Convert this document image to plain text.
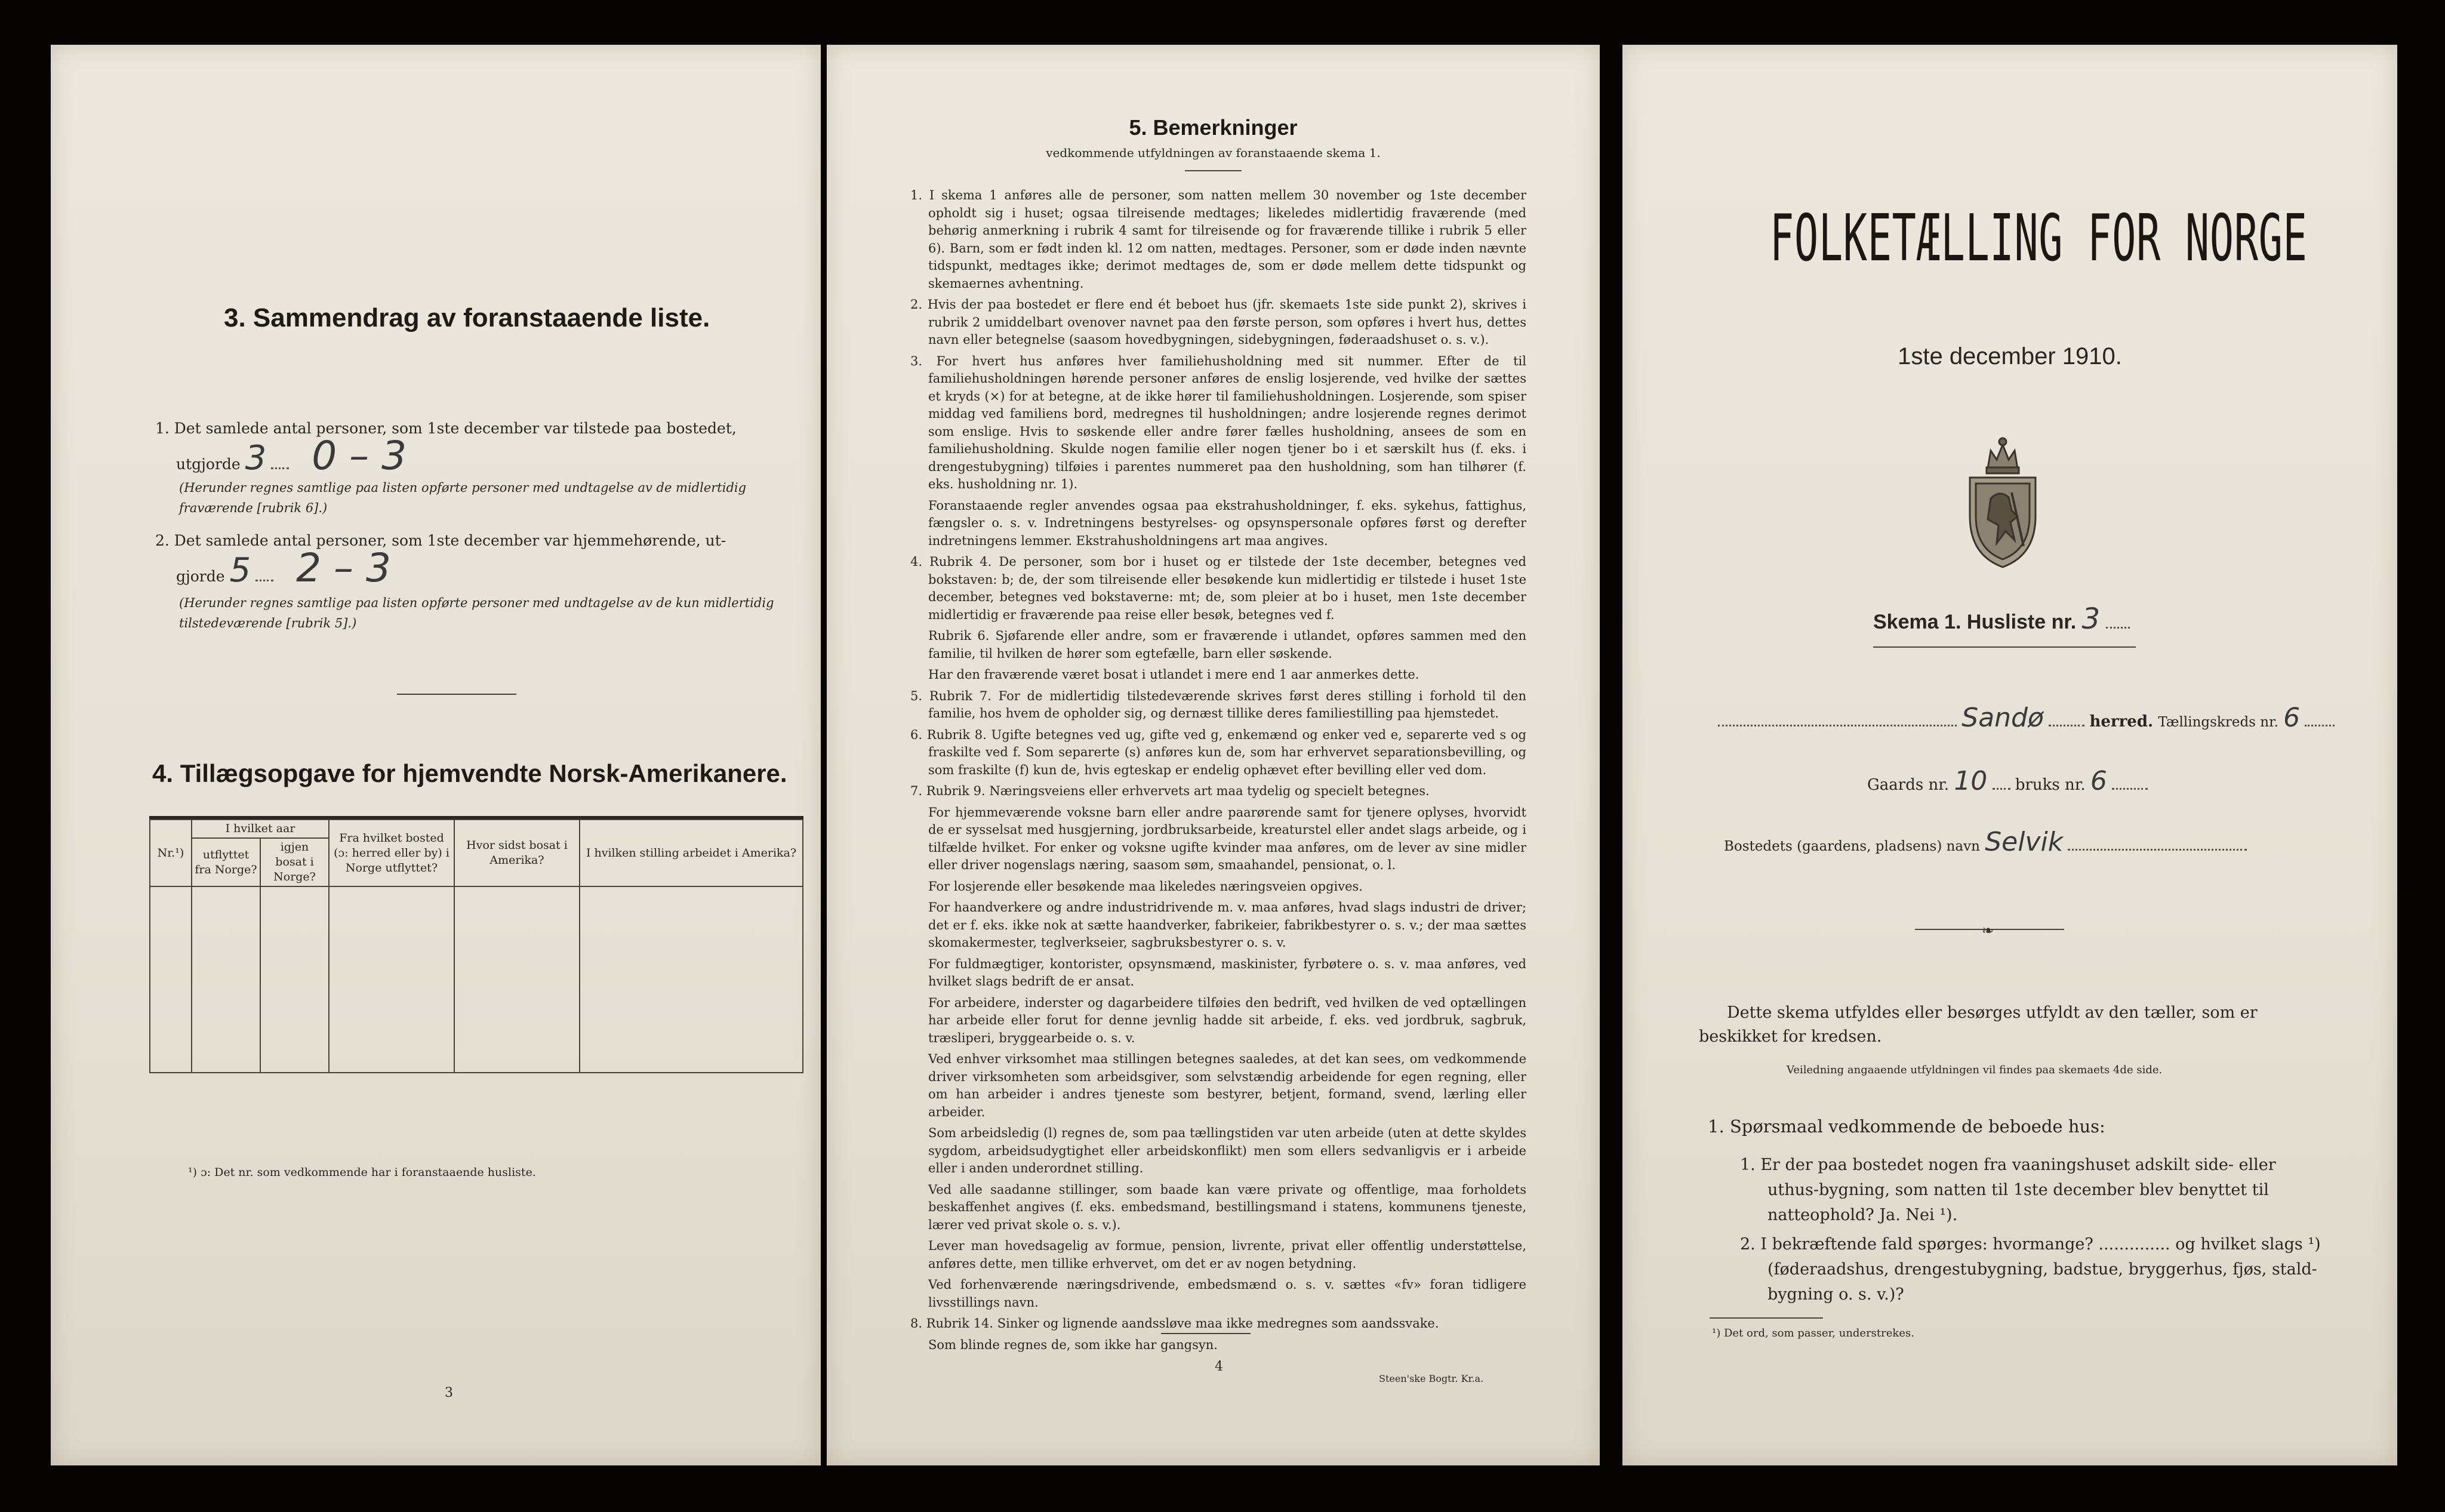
3. Sammendrag av foranstaaende liste.
1. Det samlede antal personer, som 1ste december var tilstede paa bostedet,
utgjorde 3 0 – 3
(Herunder regnes samtlige paa listen opførte personer med undtagelse av de midlertidig fraværende [rubrik 6].)
2. Det samlede antal personer, som 1ste december var hjemmehørende, ut-
gjorde 5 2 – 3
(Herunder regnes samtlige paa listen opførte personer med undtagelse av de kun midlertidig tilstedeværende [rubrik 5].)
4. Tillægsopgave for hjemvendte Norsk-Amerikanere.
Nr.¹)	I hvilket aar		Fra hvilket bosted (ɔ: herred eller by) i Norge utflyttet?	Hvor sidst bosat i Amerika?	I hvilken stilling arbeidet i Amerika?
	utflyttet fra Norge?	igjen bosat i Norge?			

¹) ɔ: Det nr. som vedkommende har i foranstaaende husliste.
3
5. Bemerkninger
vedkommende utfyldningen av foranstaaende skema 1.

1. I skema 1 anføres alle de personer, som natten mellem 30 november og 1ste december opholdt sig i huset; ogsaa tilreisende medtages; likeledes midlertidig fraværende (med behørig anmerkning i rubrik 4 samt for tilreisende og for fraværende tillike i rubrik 5 eller 6). Barn, som er født inden kl. 12 om natten, medtages. Personer, som er døde inden nævnte tidspunkt, medtages ikke; derimot medtages de, som er døde mellem dette tidspunkt og skemaernes avhentning.

2. Hvis der paa bostedet er flere end ét beboet hus (jfr. skemaets 1ste side punkt 2), skrives i rubrik 2 umiddelbart ovenover navnet paa den første person, som opføres i hvert hus, dettes navn eller betegnelse (saasom hovedbygningen, sidebygningen, føderaadshuset o. s. v.).

3. For hvert hus anføres hver familiehusholdning med sit nummer. Efter de til familiehusholdningen hørende personer anføres de enslig losjerende, ved hvilke der sættes et kryds (×) for at betegne, at de ikke hører til familiehusholdningen. Losjerende, som spiser middag ved familiens bord, medregnes til husholdningen; andre losjerende regnes derimot som enslige. Hvis to søskende eller andre fører fælles husholdning, ansees de som en familiehusholdning. Skulde nogen familie eller nogen tjener bo i et særskilt hus (f. eks. i drengestubygning) tilføies i parentes nummeret paa den husholdning, som han tilhører (f. eks. husholdning nr. 1).

Foranstaaende regler anvendes ogsaa paa ekstrahusholdninger, f. eks. sykehus, fattighus, fængsler o. s. v. Indretningens bestyrelses- og opsynspersonale opføres først og derefter indretningens lemmer. Ekstrahusholdningens art maa angives.

4. Rubrik 4. De personer, som bor i huset og er tilstede der 1ste december, betegnes ved bokstaven: b; de, der som tilreisende eller besøkende kun midlertidig er tilstede i huset 1ste december, betegnes ved bokstaverne: mt; de, som pleier at bo i huset, men 1ste december midlertidig er fraværende paa reise eller besøk, betegnes ved f.

Rubrik 6. Sjøfarende eller andre, som er fraværende i utlandet, opføres sammen med den familie, til hvilken de hører som egtefælle, barn eller søskende.

Har den fraværende været bosat i utlandet i mere end 1 aar anmerkes dette.

5. Rubrik 7. For de midlertidig tilstedeværende skrives først deres stilling i forhold til den familie, hos hvem de opholder sig, og dernæst tillike deres familiestilling paa hjemstedet.

6. Rubrik 8. Ugifte betegnes ved ug, gifte ved g, enkemænd og enker ved e, separerte ved s og fraskilte ved f. Som separerte (s) anføres kun de, som har erhvervet separationsbevilling, og som fraskilte (f) kun de, hvis egteskap er endelig ophævet efter bevilling eller ved dom.

7. Rubrik 9. Næringsveiens eller erhvervets art maa tydelig og specielt betegnes.

For hjemmeværende voksne barn eller andre paarørende samt for tjenere oplyses, hvorvidt de er sysselsat med husgjerning, jordbruksarbeide, kreaturstel eller andet slags arbeide, og i tilfælde hvilket. For enker og voksne ugifte kvinder maa anføres, om de lever av sine midler eller driver nogenslags næring, saasom søm, smaahandel, pensionat, o. l.

For losjerende eller besøkende maa likeledes næringsveien opgives.

For haandverkere og andre industridrivende m. v. maa anføres, hvad slags industri de driver; det er f. eks. ikke nok at sætte haandverker, fabrikeier, fabrikbestyrer o. s. v.; der maa sættes skomakermester, teglverkseier, sagbruksbestyrer o. s. v.

For fuldmægtiger, kontorister, opsynsmænd, maskinister, fyrbøtere o. s. v. maa anføres, ved hvilket slags bedrift de er ansat.

For arbeidere, inderster og dagarbeidere tilføies den bedrift, ved hvilken de ved optællingen har arbeide eller forut for denne jevnlig hadde sit arbeide, f. eks. ved jordbruk, sagbruk, træsliperi, bryggearbeide o. s. v.

Ved enhver virksomhet maa stillingen betegnes saaledes, at det kan sees, om vedkommende driver virksomheten som arbeidsgiver, som selvstændig arbeidende for egen regning, eller om han arbeider i andres tjeneste som bestyrer, betjent, formand, svend, lærling eller arbeider.

Som arbeidsledig (l) regnes de, som paa tællingstiden var uten arbeide (uten at dette skyldes sygdom, arbeidsudygtighet eller arbeidskonflikt) men som ellers sedvanligvis er i arbeide eller i anden underordnet stilling.

Ved alle saadanne stillinger, som baade kan være private og offentlige, maa forholdets beskaffenhet angives (f. eks. embedsmand, bestillingsmand i statens, kommunens tjeneste, lærer ved privat skole o. s. v.).

Lever man hovedsagelig av formue, pension, livrente, privat eller offentlig understøttelse, anføres dette, men tillike erhvervet, om det er av nogen betydning.

Ved forhenværende næringsdrivende, embedsmænd o. s. v. sættes «fv» foran tidligere livsstillings navn.

8. Rubrik 14. Sinker og lignende aandssløve maa ikke medregnes som aandssvake.

Som blinde regnes de, som ikke har gangsyn.

4
Steen'ske Bogtr. Kr.a.
FOLKETÆLLING FOR NORGE
1ste december 1910.
Skema 1. Husliste nr. 3
Sandø	herred. Tællingskreds nr. 6
Gaards nr. 10 bruks nr. 6
Bostedets (gaardens, pladsens) navn Selvik
❧
Dette skema utfyldes eller besørges utfyldt av den tæller, som er
beskikket for kredsen.
Veiledning angaaende utfyldningen vil findes paa skemaets 4de side.
1. Spørsmaal vedkommende de beboede hus:
1. Er der paa bostedet nogen fra vaaningshuset adskilt side- eller
uthus-bygning, som natten til 1ste december blev benyttet til
natteophold? Ja. Nei ¹).
2. I bekræftende fald spørges: hvormange? .............. og hvilket slags ¹)
(føderaadshus, drengestubygning, badstue, bryggerhus, fjøs, stald-
bygning o. s. v.)?
¹) Det ord, som passer, understrekes.
